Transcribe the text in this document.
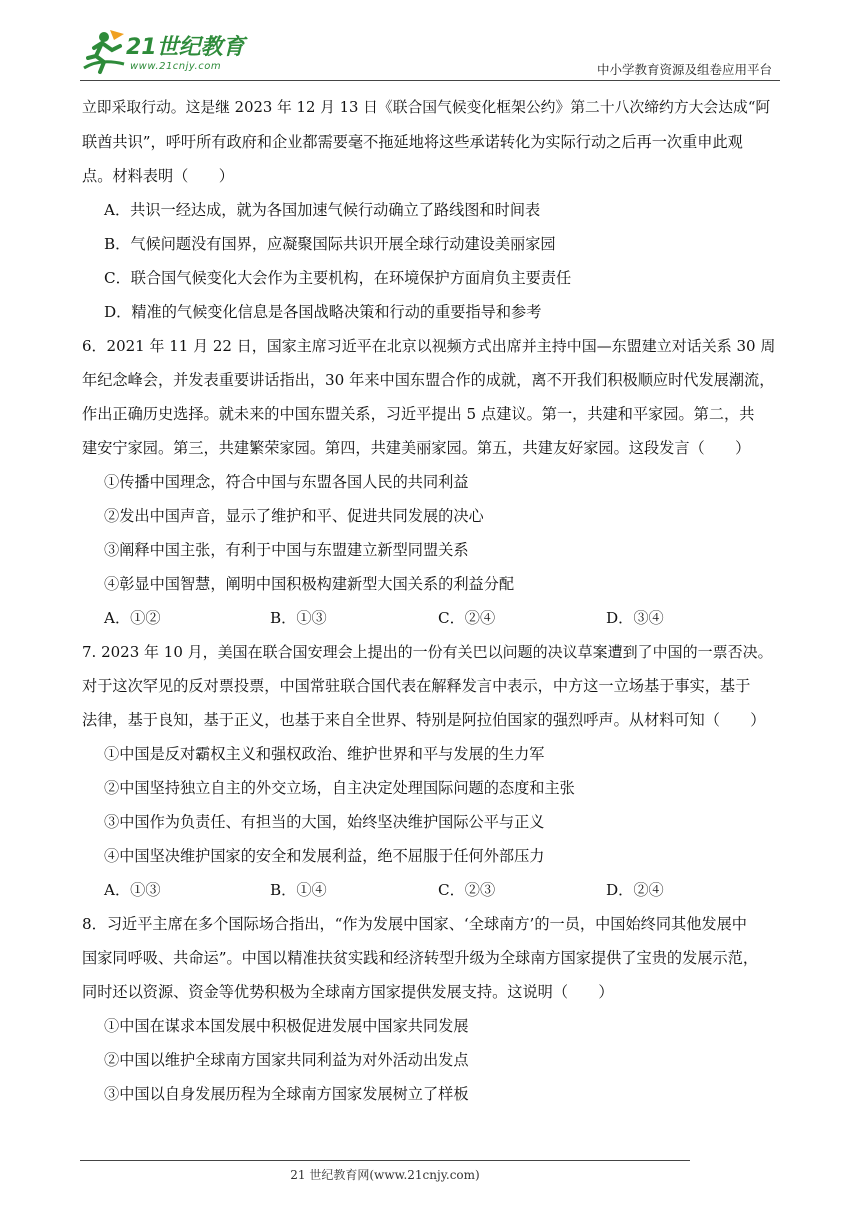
21世纪教育
www.21cnjy.com	中小学教育资源及组卷应用平台
立即采取行动。这是继 2023 年 12 月 13 日《联合国气候变化框架公约》第二十八次缔约方大会达成“阿
联酋共识”，呼吁所有政府和企业都需要毫不拖延地将这些承诺转化为实际行动之后再一次重申此观
点。材料表明（　　）
A．共识一经达成，就为各国加速气候行动确立了路线图和时间表
B．气候问题没有国界，应凝聚国际共识开展全球行动建设美丽家园
C．联合国气候变化大会作为主要机构，在环境保护方面肩负主要责任
D．精准的气候变化信息是各国战略决策和行动的重要指导和参考
6．2021 年 11 月 22 日，国家主席习近平在北京以视频方式出席并主持中国—东盟建立对话关系 30 周
年纪念峰会，并发表重要讲话指出，30 年来中国东盟合作的成就，离不开我们积极顺应时代发展潮流，
作出正确历史选择。就未来的中国东盟关系，习近平提出 5 点建议。第一，共建和平家园。第二，共
建安宁家园。第三，共建繁荣家园。第四，共建美丽家园。第五，共建友好家园。这段发言（　　）
①传播中国理念，符合中国与东盟各国人民的共同利益
②发出中国声音，显示了维护和平、促进共同发展的决心
③阐释中国主张，有利于中国与东盟建立新型同盟关系
④彰显中国智慧，阐明中国积极构建新型大国关系的利益分配
A．①②	B．①③	C．②④	D．③④
7. 2023 年 10 月，美国在联合国安理会上提出的一份有关巴以问题的决议草案遭到了中国的一票否决。
对于这次罕见的反对票投票，中国常驻联合国代表在解释发言中表示，中方这一立场基于事实，基于
法律，基于良知，基于正义，也基于来自全世界、特别是阿拉伯国家的强烈呼声。从材料可知（　　）
①中国是反对霸权主义和强权政治、维护世界和平与发展的生力军
②中国坚持独立自主的外交立场，自主决定处理国际问题的态度和主张
③中国作为负责任、有担当的大国，始终坚决维护国际公平与正义
④中国坚决维护国家的安全和发展利益，绝不屈服于任何外部压力
A．①③	B．①④	C．②③	D．②④
8．习近平主席在多个国际场合指出，“作为发展中国家、‘全球南方’的一员，中国始终同其他发展中
国家同呼吸、共命运”。中国以精准扶贫实践和经济转型升级为全球南方国家提供了宝贵的发展示范，
同时还以资源、资金等优势积极为全球南方国家提供发展支持。这说明（　　）
①中国在谋求本国发展中积极促进发展中国家共同发展
②中国以维护全球南方国家共同利益为对外活动出发点
③中国以自身发展历程为全球南方国家发展树立了样板
21 世纪教育网(www.21cnjy.com)
